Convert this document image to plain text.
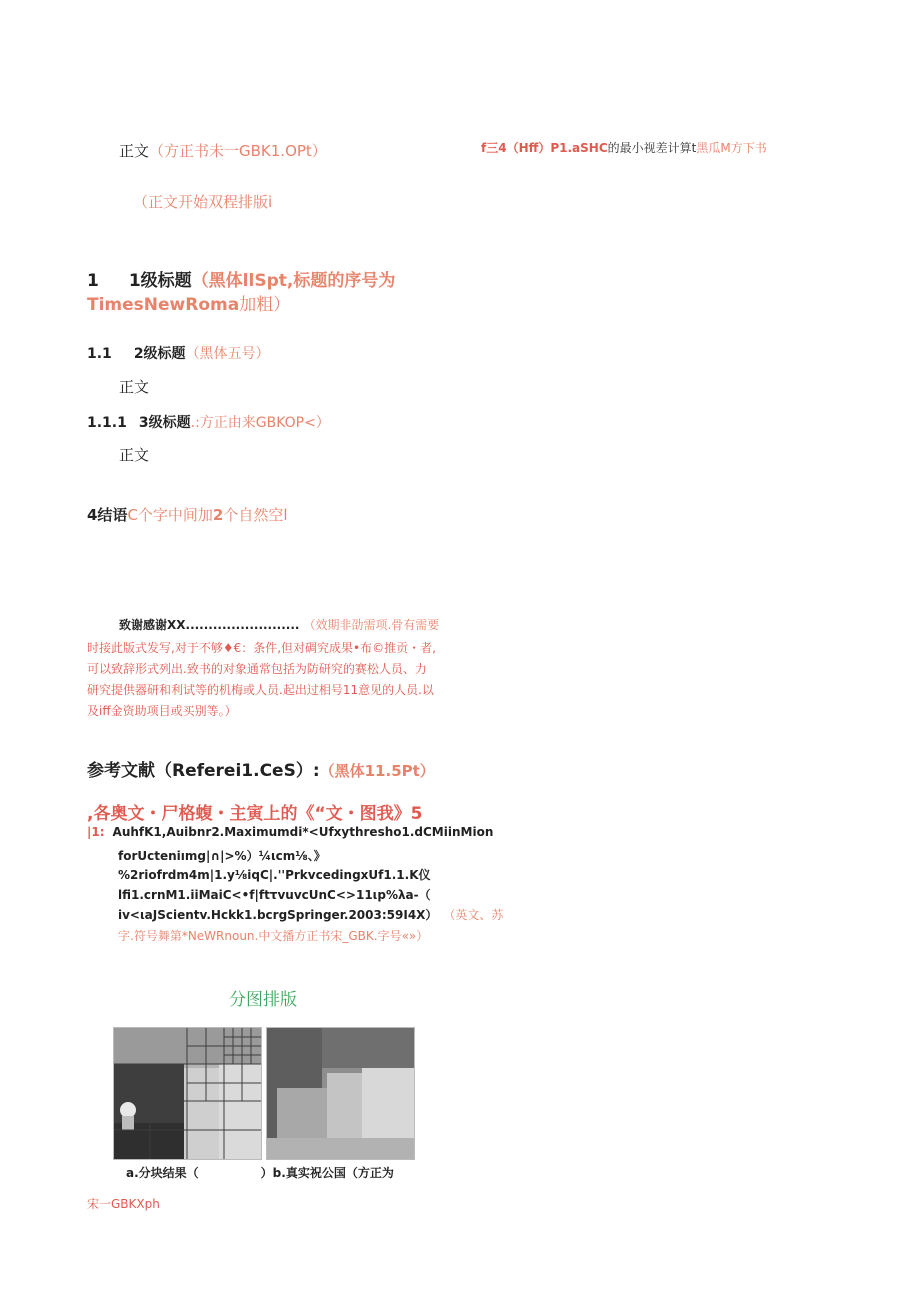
正文（方正书未一GBK1.OPt）	f三4（Hff）P1.aSHC的最小视差计算t黑瓜M方下书
（正文开始双程排版i
1 1级标题（黑体llSpt,标题的序号为
TimesNewRoma加粗）
1.1 2级标题（黑体五号）
正文
1.1.1 3级标题.:方正由来GBKOP<）
正文
4结语C个字中间加2个自然空l
致谢感谢XX......................... （效期非劭需项.骨有需要
时接此版式发写,对于不够♦€：条件,但对碉究成果•布©推贡・者,
可以致辞形式列出.致书的对象通常包括为防研究的赛松人员、力
研究提供器研和利试等的机梅或人员.起出过相号11意见的人员.以
及iff金资助项目或买别等。）
参考文献（Referei1.CeS）:（黑体11.5Pt）
,各奥文・尸格蝮・主寅上的《“文・图我》5
|1: AuhfK1,Auibnr2.Maximumdi*<Ufxythresho1.dCMiinMion
forUcteniımg|∩|>%）¼ιcm⅛、》
%2riofrdm4m|1.y⅛iqC|.''PrkvcedingxUf1.1.K仪
lfi1.crnM1.iiMaiC<•f|ftτvuvcUnC<>11ιp%λa-（
iv<ιaJScientv.Hckk1.bcrgSpringer.2003:59I4X） （英文、苏
字.符号舞第*NeWRnoun.中文播方正书宋_GBK.字号«»）
分图排版
a.分块结果（	）b.真实祝公国（方正为
宋一GBKXph
